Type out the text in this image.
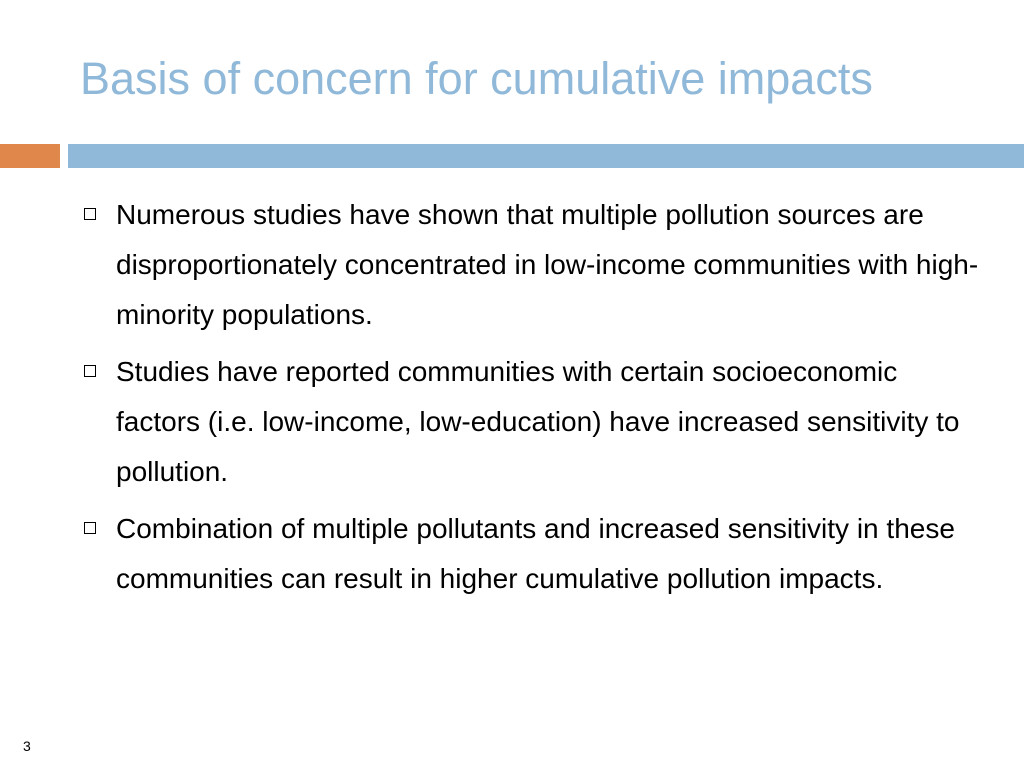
Basis of concern for cumulative impacts
Numerous studies have shown that multiple pollution sources are disproportionately concentrated in low-income communities with high-minority populations.
Studies have reported communities with certain socioeconomic factors (i.e. low-income, low-education) have increased sensitivity to pollution.
Combination of multiple pollutants and increased sensitivity in these communities can result in higher cumulative pollution impacts.
3
